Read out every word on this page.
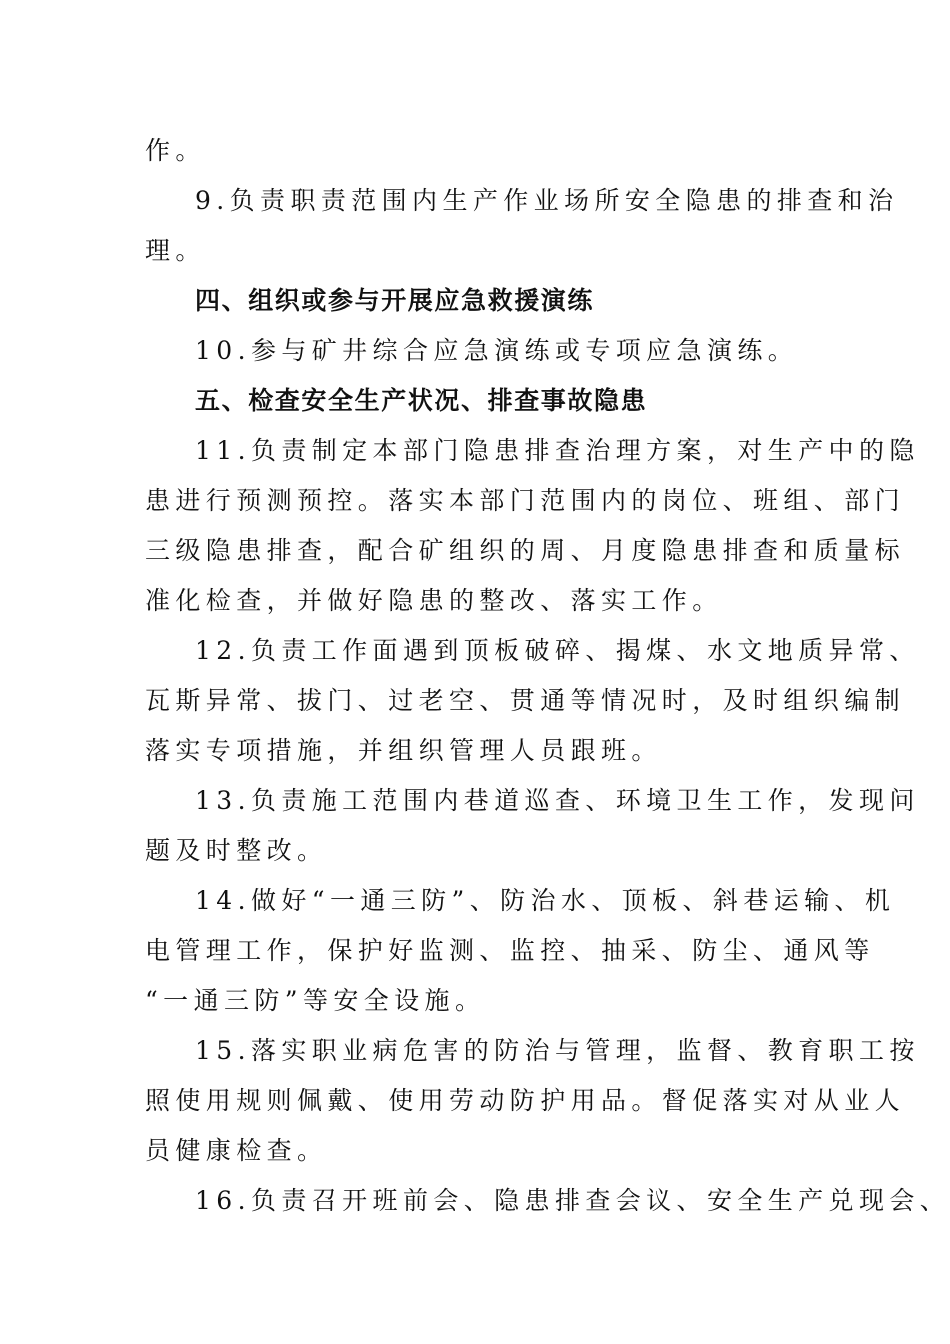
作。
9.负责职责范围内生产作业场所安全隐患的排查和治
理。
四、组织或参与开展应急救援演练
10.参与矿井综合应急演练或专项应急演练。
五、检查安全生产状况、排查事故隐患
11.负责制定本部门隐患排查治理方案，对生产中的隐
患进行预测预控。落实本部门范围内的岗位、班组、部门
三级隐患排查，配合矿组织的周、月度隐患排查和质量标
准化检查，并做好隐患的整改、落实工作。
12.负责工作面遇到顶板破碎、揭煤、水文地质异常、
瓦斯异常、拔门、过老空、贯通等情况时，及时组织编制
落实专项措施，并组织管理人员跟班。
13.负责施工范围内巷道巡查、环境卫生工作，发现问
题及时整改。
14.做好“一通三防”、防治水、顶板、斜巷运输、机
电管理工作，保护好监测、监控、抽采、防尘、通风等
“一通三防”等安全设施。
15.落实职业病危害的防治与管理，监督、教育职工按
照使用规则佩戴、使用劳动防护用品。督促落实对从业人
员健康检查。
16.负责召开班前会、隐患排查会议、安全生产兑现会、
